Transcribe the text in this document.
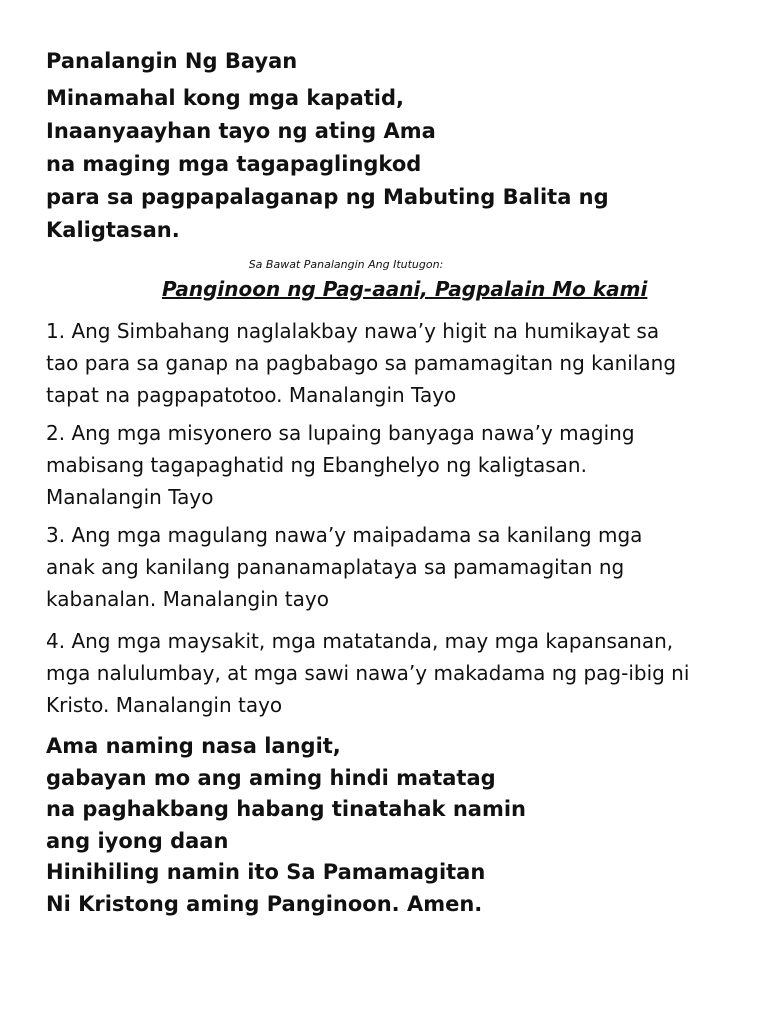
Panalangin Ng Bayan
Minamahal kong mga kapatid,
Inaanyaayhan tayo ng ating Ama
na maging mga tagapaglingkod
para sa pagpapalaganap ng Mabuting Balita ng
Kaligtasan.
Sa Bawat Panalangin Ang Itutugon:
Panginoon ng Pag-aani, Pagpalain Mo kami
1. Ang Simbahang naglalakbay nawa’y higit na humikayat sa
tao para sa ganap na pagbabago sa pamamagitan ng kanilang
tapat na pagpapatotoo. Manalangin Tayo
2. Ang mga misyonero sa lupaing banyaga nawa’y maging
mabisang tagapaghatid ng Ebanghelyo ng kaligtasan.
Manalangin Tayo
3. Ang mga magulang nawa’y maipadama sa kanilang mga
anak ang kanilang pananamaplataya sa pamamagitan ng
kabanalan. Manalangin tayo
4. Ang mga maysakit, mga matatanda, may mga kapansanan,
mga nalulumbay, at mga sawi nawa’y makadama ng pag-ibig ni
Kristo. Manalangin tayo
Ama naming nasa langit,
gabayan mo ang aming hindi matatag
na paghakbang habang tinatahak namin
ang iyong daan
Hinihiling namin ito Sa Pamamagitan
Ni Kristong aming Panginoon. Amen.
